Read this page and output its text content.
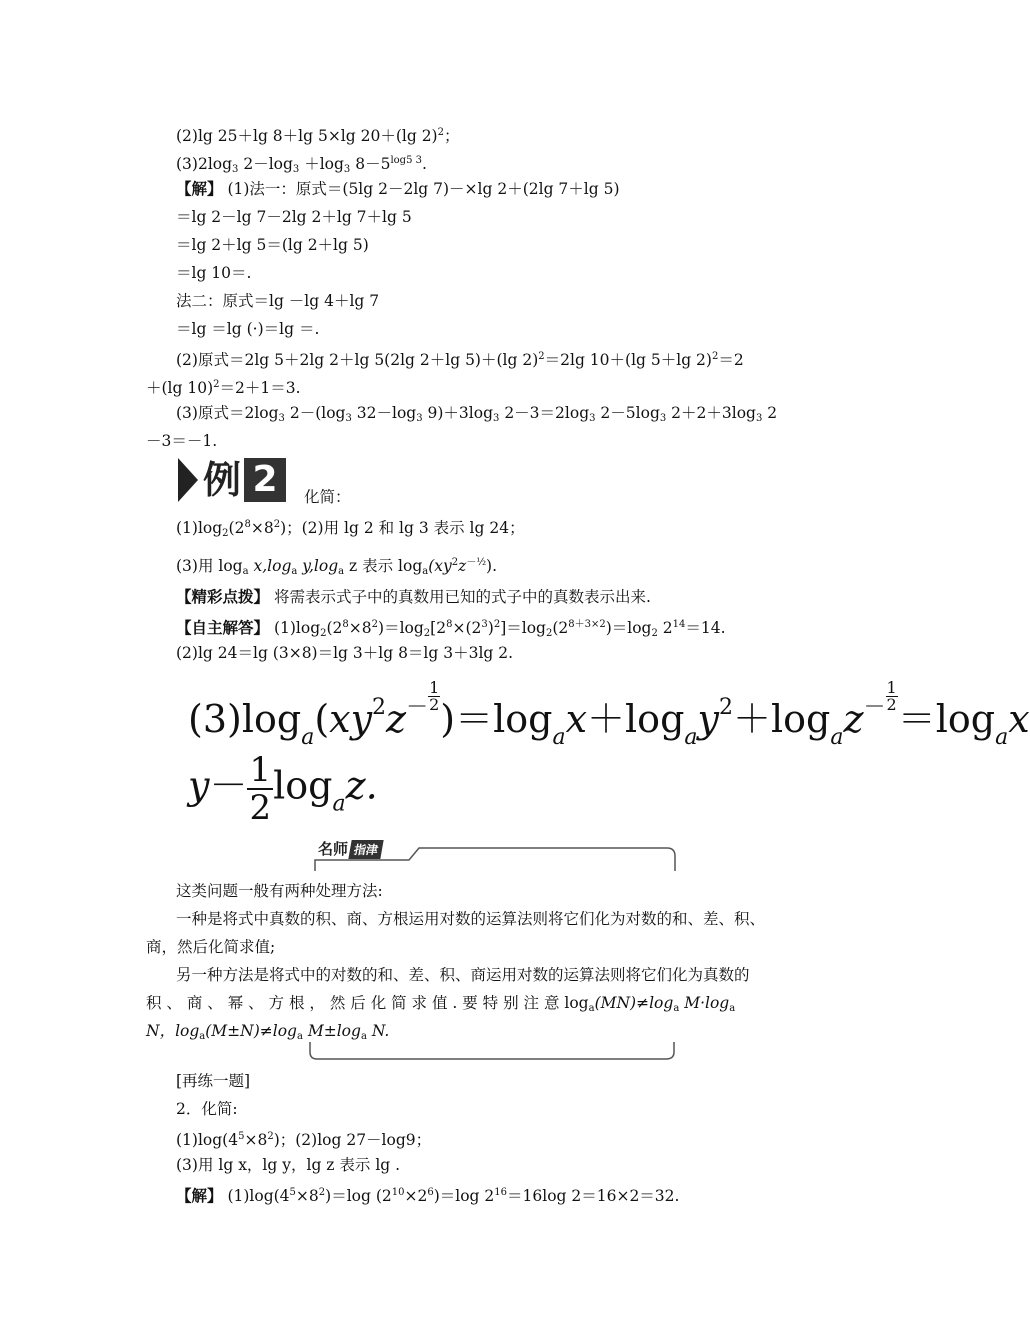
(2)lg 25＋lg 8＋lg 5×lg 20＋(lg 2)$^2$；
$(3)2\log_3$ $2-\log_3 +\log_3$ $8-5^{log5 3}$.
【解】 (1)法一：原式＝(5lg 2－2lg 7)－×lg 2＋(2lg 7＋lg 5)
＝lg 2－lg 7－2lg 2＋lg 7＋lg 5
＝lg 2＋lg 5＝(lg 2＋lg 5)
＝lg 10＝.
法二：原式＝lg －lg 4＋lg 7
＝lg ＝lg (·)＝lg ＝.
(2)原式＝2lg 5＋2lg 2＋lg 5(2lg 2＋lg 5)＋(lg 2)$^2$＝2lg 10＋(lg 5＋lg 2)$^2$＝2
＋(lg 10)$^2$＝2＋1＝3.
(3)原式$=2\log_3$ $2-(\log_3$ $32-\log_3$ $9)+3\log_3$ $2-3=2\log_3$ $2-5\log_3$ $2+2+3\log_3$ 2
－3＝－1.
例 2	化简：
$(1)\log_2(2^8\times 8^2)$；(2)用 lg 2 和 lg 3 表示 lg 24；
(3)用 $\log_a x,\log_a$ $y,\log_a$ z 表示 $\log_a(xy^2z^{-\frac{1}{2}})$.
【精彩点拨】 将需表示式子中的真数用已知的式子中的真数表示出来.
【自主解答】 $(1)\log_2(2^8\times 8^2)=\log_2[2^8\times(2^3)^2]=\log_2(2^{8+3\times 2})=\log_2$ $2^{14}=14$.
(2)lg 24＝lg (3×8)＝lg 3＋lg 8＝lg 3＋3lg 2.
$(3)\log_a(xy^2z^- \frac{1}{2})=\log_ax+\log_ay^2+\log_az^- \frac{1}{2}=\log_ax$
$y- \frac{1}{2} \log_az$.
名师 指津
这类问题一般有两种处理方法:
一种是将式中真数的积、商、方根运用对数的运算法则将它们化为对数的和、差、积、
商，然后化简求值;
另一种方法是将式中的对数的和、差、积、商运用对数的运算法则将它们化为真数的
积 、 商 、 幂 、 方 根 ， 然 后 化 简 求 值 . 要 特 别 注 意 $\log_a(MN)\ne\log_a$ $M\cdot\log_a$
N，$\log_a(M\pm N)\ne\log_a$ $M\pm\log_a$ N.
[再练一题]
2．化简:
$(1)\log(4^5\times 8^2)$；(2)log 27－log9；
(3)用 lg x，lg y，lg z 表示 lg .
【解】 $(1)\log(4^5\times 8^2)=\log$ $(2^{10}\times 2^6)=\log$ $2^{16}=16\log$ 2＝16×2＝32.
